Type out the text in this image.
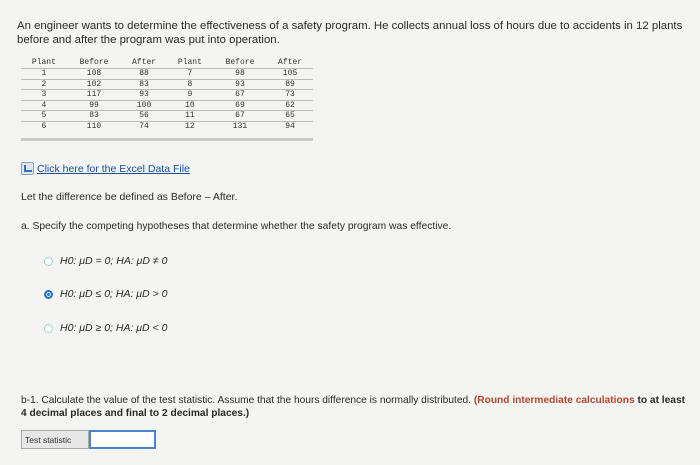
An engineer wants to determine the effectiveness of a safety program. He collects annual loss of hours due to accidents in 12 plants before and after the program was put into operation.
Plant	Before	After	Plant	Before	After

1	108	88	7	98	105

2	102	83	8	93	89

3	117	93	9	67	73

4	99	100	10	69	62

5	83	56	11	67	65

6	110	74	12	131	94
Click here for the Excel Data File
Let the difference be defined as Before – After.
a. Specify the competing hypotheses that determine whether the safety program was effective.
H0: μD = 0; HA: μD ≠ 0
H0: μD ≤ 0; HA: μD > 0
H0: μD ≥ 0; HA: μD < 0
b-1. Calculate the value of the test statistic. Assume that the hours difference is normally distributed. (Round intermediate calculations to at least 4 decimal places and final to 2 decimal places.)
Test statistic
